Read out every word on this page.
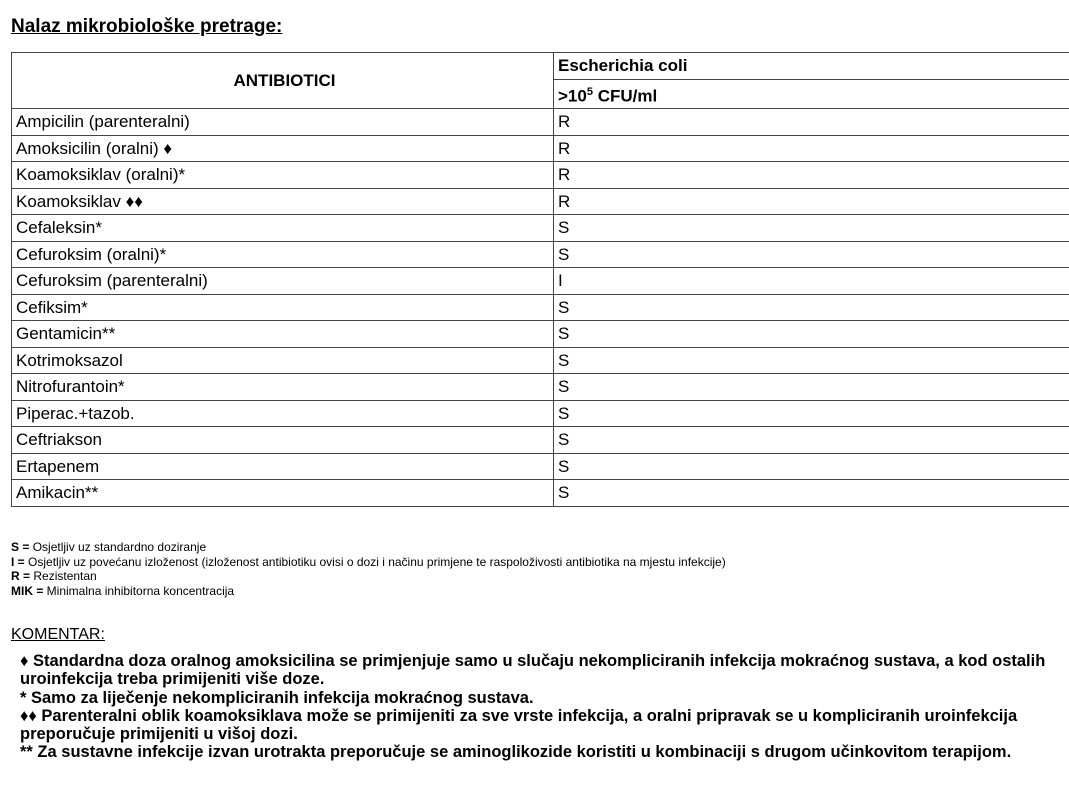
Nalaz mikrobiološke pretrage:
ANTIBIOTICI	Escherichia coli
	$>10^5$ CFU/ml
Ampicilin (parenteralni)	R
Amoksicilin (oralni) ♦	R
Koamoksiklav (oralni)*	R
Koamoksiklav ♦♦	R
Cefaleksin*	S
Cefuroksim (oralni)*	S
Cefuroksim (parenteralni)	I
Cefiksim*	S
Gentamicin**	S
Kotrimoksazol	S
Nitrofurantoin*	S
Piperac.+tazob.	S
Ceftriakson	S
Ertapenem	S
Amikacin**	S
S = Osjetljiv uz standardno doziranje
I = Osjetljiv uz povećanu izloženost (izloženost antibiotiku ovisi o dozi i načinu primjene te raspoloživosti antibiotika na mjestu infekcije)
R = Rezistentan
MIK = Minimalna inhibitorna koncentracija
KOMENTAR:

♦ Standardna doza oralnog amoksicilina se primjenjuje samo u slučaju nekompliciranih infekcija mokraćnog sustava, a kod ostalih uroinfekcija treba primijeniti više doze.

* Samo za liječenje nekompliciranih infekcija mokraćnog sustava.

♦♦ Parenteralni oblik koamoksiklava može se primijeniti za sve vrste infekcija, a oralni pripravak se u kompliciranih uroinfekcija preporučuje primijeniti u višoj dozi.

** Za sustavne infekcije izvan urotrakta preporučuje se aminoglikozide koristiti u kombinaciji s drugom učinkovitom terapijom.
